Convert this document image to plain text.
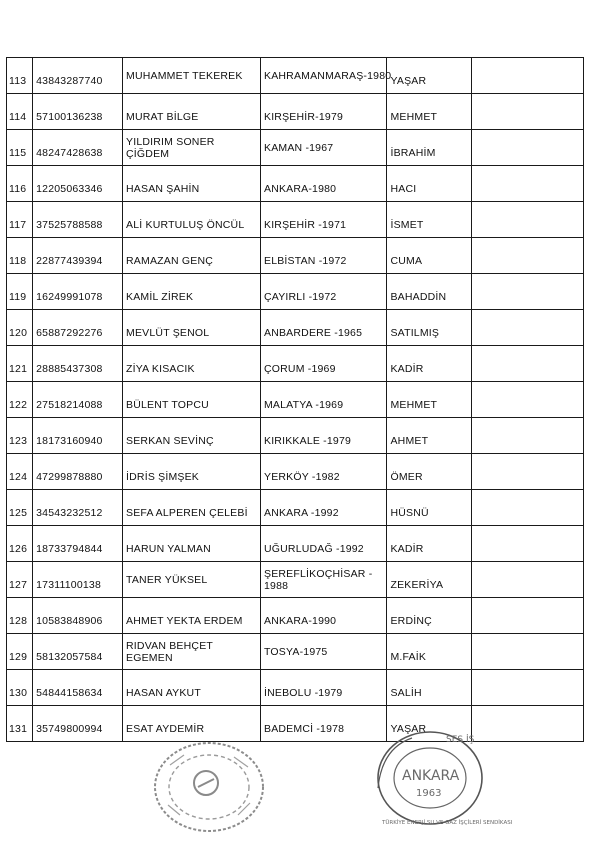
113	43843287740	MUHAMMET TEKEREK	KAHRAMANMARAŞ-1980	YAŞAR	
114	57100136238	MURAT BİLGE	KIRŞEHİR-1979	MEHMET	
115	48247428638	YILDIRIM SONER ÇİĞDEM	KAMAN -1967	İBRAHİM	
116	12205063346	HASAN ŞAHİN	ANKARA-1980	HACI	
117	37525788588	ALİ KURTULUŞ ÖNCÜL	KIRŞEHİR -1971	İSMET	
118	22877439394	RAMAZAN GENÇ	ELBİSTAN -1972	CUMA	
119	16249991078	KAMİL ZİREK	ÇAYIRLI -1972	BAHADDİN	
120	65887292276	MEVLÜT ŞENOL	ANBARDERE -1965	SATILMIŞ	
121	28885437308	ZİYA KISACIK	ÇORUM -1969	KADİR	
122	27518214088	BÜLENT TOPCU	MALATYA -1969	MEHMET	
123	18173160940	SERKAN SEVİNÇ	KIRIKKALE -1979	AHMET	
124	47299878880	İDRİS ŞİMŞEK	YERKÖY -1982	ÖMER	
125	34543232512	SEFA ALPEREN ÇELEBİ	ANKARA -1992	HÜSNÜ	
126	18733794844	HARUN YALMAN	UĞURLUDAĞ -1992	KADİR	
127	17311100138	TANER YÜKSEL	ŞEREFLİKOÇHİSAR - 1988	ZEKERİYA	
128	10583848906	AHMET YEKTA ERDEM	ANKARA-1990	ERDİNÇ	
129	58132057584	RIDVAN BEHÇET EGEMEN	TOSYA-1975	M.FAİK	
130	54844158634	HASAN AYKUT	İNEBOLU -1979	SALİH	
131	35749800994	ESAT AYDEMİR	BADEMCİ -1978	YAŞAR	
ANKARA
1963
SES İŞ
TÜRKİYE ENERJİ SU VE GAZ İŞÇİLERİ SENDİKASI
